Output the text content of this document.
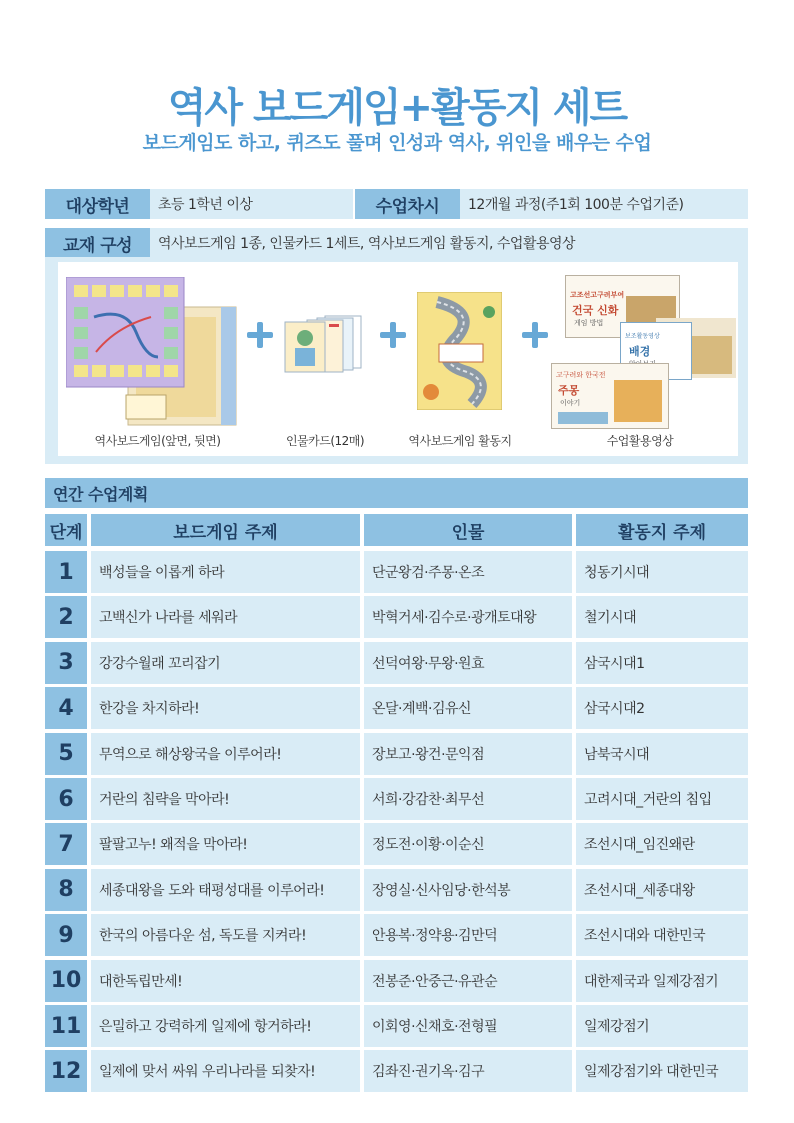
역사 보드게임+활동지 세트
보드게임도 하고, 퀴즈도 풀며 인성과 역사, 위인을 배우는 수업
대상학년	초등 1학년 이상	수업차시	12개월 과정(주1회 100분 수업기준)
교재 구성	역사보드게임 1종, 인물카드 1세트, 역사보드게임 활동지, 수업활용영상
고조선고구려부여
건국 신화
게임 방법
보조활동영상
배경
고구려와 한국전
주몽
이야기
역사보드게임(앞면, 뒷면)	인물카드(12매)	역사보드게임 활동지	수업활용영상
연간 수업계획
단계	보드게임 주제	인물	활동지 주제
1	백성들을 이롭게 하라	단군왕검·주몽·온조	청동기시대
2	고백신가 나라를 세워라	박혁거세·김수로·광개토대왕	철기시대
3	강강수월래 꼬리잡기	선덕여왕·무왕·원효	삼국시대1
4	한강을 차지하라!	온달·계백·김유신	삼국시대2
5	무역으로 해상왕국을 이루어라!	장보고·왕건·문익점	남북국시대
6	거란의 침략을 막아라!	서희·강감찬·최무선	고려시대_거란의 침입
7	팔팔고누! 왜적을 막아라!	정도전·이황·이순신	조선시대_임진왜란
8	세종대왕을 도와 태평성대를 이루어라!	장영실·신사임당·한석봉	조선시대_세종대왕
9	한국의 아름다운 섬, 독도를 지켜라!	안용복·정약용·김만덕	조선시대와 대한민국
10	대한독립만세!	전봉준·안중근·유관순	대한제국과 일제강점기
11	은밀하고 강력하게 일제에 항거하라!	이회영·신채호·전형필	일제강점기
12	일제에 맞서 싸워 우리나라를 되찾자!	김좌진·권기옥·김구	일제강점기와 대한민국
